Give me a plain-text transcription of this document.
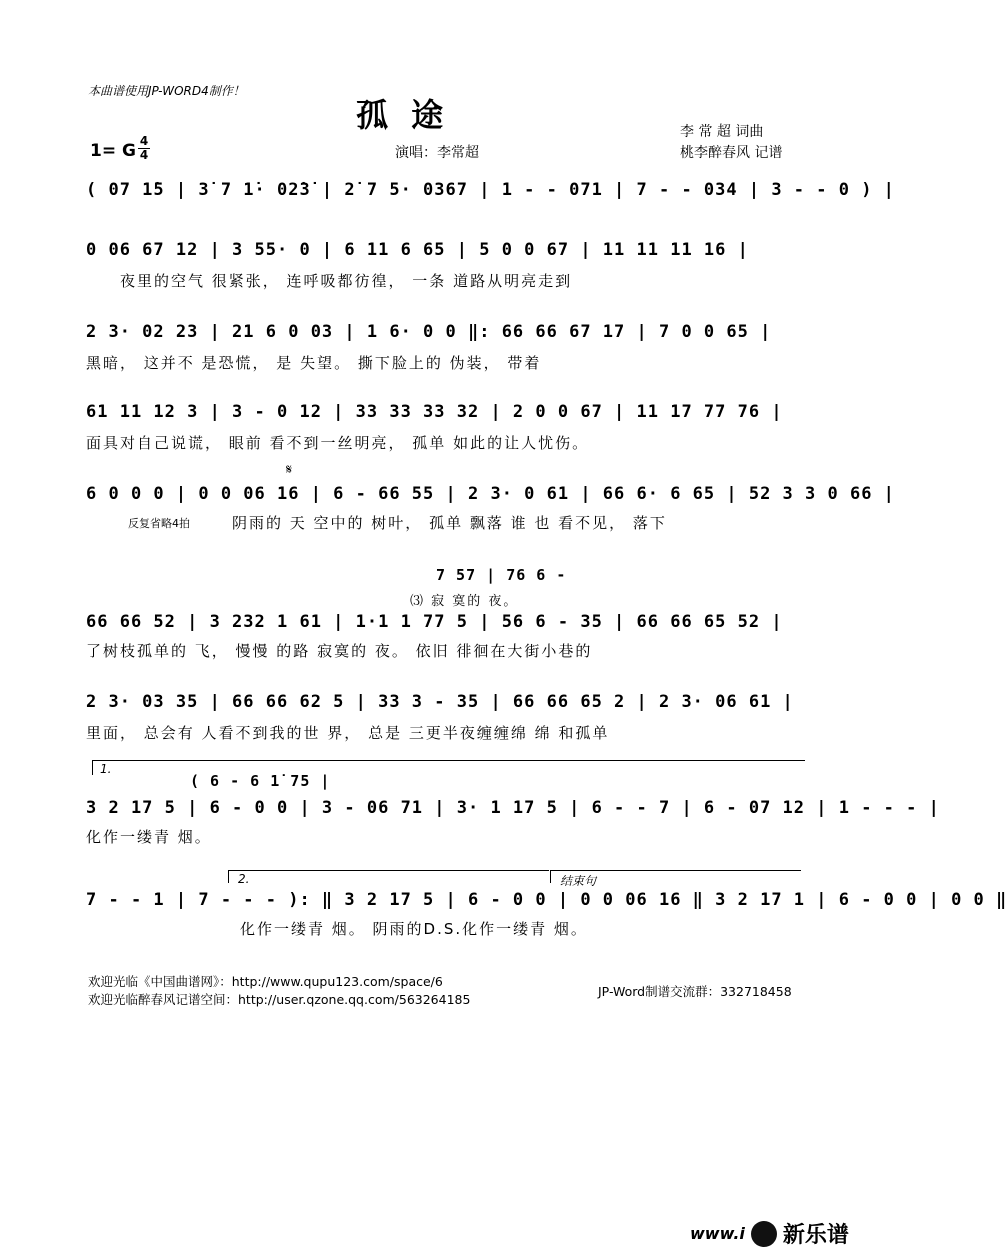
本曲谱使用JP-WORD4制作！
孤 途	李 常 超 词曲
桃李醉春风 记谱
1= G 4
4	演唱：李常超
( 07 1̇5 | 3̇ 7 1̇· 02̇3̇ | 2̇ 7 5· 0367 | 1 - - 071 | 7 - - 034 | 3 - - 0 ) |
0 06 67 12 | 3 55· 0 | 6 11 6 65 | 5 0 0 67 | 11 11 11 16 |
夜里的空气 很紧张， 连呼吸都彷徨， 一条 道路从明亮走到
2 3· 02 23 | 21 6 0 03 | 1 6· 0 0 ‖: 66 66 67 17 | 7 0 0 65 |
黑暗， 这并不 是恐慌， 是 失望。 撕下脸上的 伪装， 带着
61 11 12 3 | 3 - 0 12 | 33 33 33 32 | 2 0 0 67 | 11 17 77 76 |
面具对自己说谎， 眼前 看不到一丝明亮， 孤单 如此的让人忧伤。
𝄋
6 0 0 0 | 0 0 06 16 | 6 - 66 55 | 2 3· 0 61 | 66 6· 6 65 | 52 3 3 0 66 |
反复省略4拍	阴雨的 天 空中的 树叶， 孤单 飘落 谁 也 看不见， 落下
7 57 | 76 6 -
⑶ 寂 寞的 夜。
66 66 52 | 3 232 1 61 | 1·1 1 77 5 | 56 6 - 35 | 66 66 65 52 |
了树枝孤单的 飞， 慢慢 的路 寂寞的 夜。 依旧 徘徊在大街小巷的
2 3· 03 35 | 66 66 62 5 | 33 3 - 35 | 66 66 65 2 | 2 3· 06 61 |
里面， 总会有 人看不到我的世 界， 总是 三更半夜缠缠绵 绵 和孤单
1.
( 6 - 6 1̇ 75 |
3 2 17 5 | 6 - 0 0 | 3 - 06 71 | 3· 1 17 5 | 6 - - 7 | 6 - 07 12 | 1 - - - |
化作一缕青 烟。
2.	结束句
7 - - 1 | 7 - - - ): ‖ 3 2 17 5 | 6 - 0 0 | 0 0 06 16 ‖ 3 2 17 1 | 6 - 0 0 | 0 0 ‖
化作一缕青 烟。 阴雨的D.S.化作一缕青 烟。
欢迎光临《中国曲谱网》：http://www.qupu123.com/space/6
欢迎光临醉春风记谱空间：http://user.qzone.qq.com/563264185
JP-Word制谱交流群：332718458
www.i 新乐谱
